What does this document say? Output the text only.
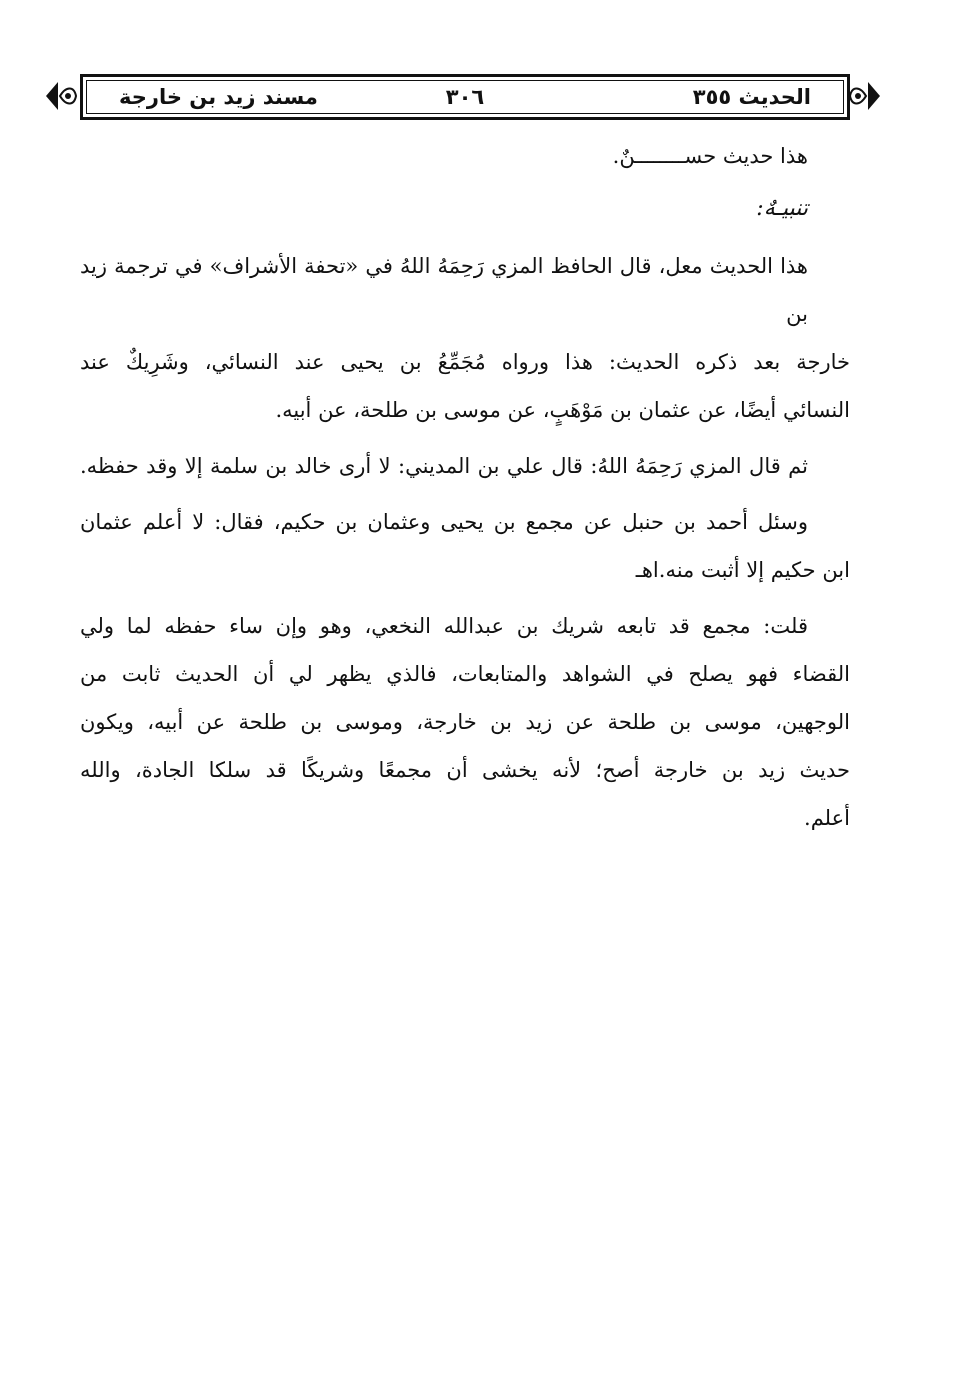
الحديث ٣٥٥
٣٠٦
مسند زيد بن خارجة

هذا حديث حســــــــنٌ.

تنبيـهٌ:

هذا الحديث معل، قال الحافظ المزي رَحِمَهُ اللهُ في «تحفة الأشراف» في ترجمة زيد بن

خارجة بعد ذكره الحديث: هذا ورواه مُجَمِّعُ بن يحيى عند النسائي، وشَرِيكٌ عند

النسائي أيضًا، عن عثمان بن مَوْهَبٍ، عن موسى بن طلحة، عن أبيه.

ثم قال المزي رَحِمَهُ اللهُ: قال علي بن المديني: لا أرى خالد بن سلمة إلا وقد حفظه.

وسئل أحمد بن حنبل عن مجمع بن يحيى وعثمان بن حكيم، فقال: لا أعلم عثمان

ابن حكيم إلا أثبت منه.اهـ

قلت: مجمع قد تابعه شريك بن عبدالله النخعي، وهو وإن ساء حفظه لما ولي

القضاء فهو يصلح في الشواهد والمتابعات، فالذي يظهر لي أن الحديث ثابت من

الوجهين، موسى بن طلحة عن زيد بن خارجة، وموسى بن طلحة عن أبيه، ويكون

حديث زيد بن خارجة أصح؛ لأنه يخشى أن مجمعًا وشريكًا قد سلكا الجادة، والله

أعلم.
